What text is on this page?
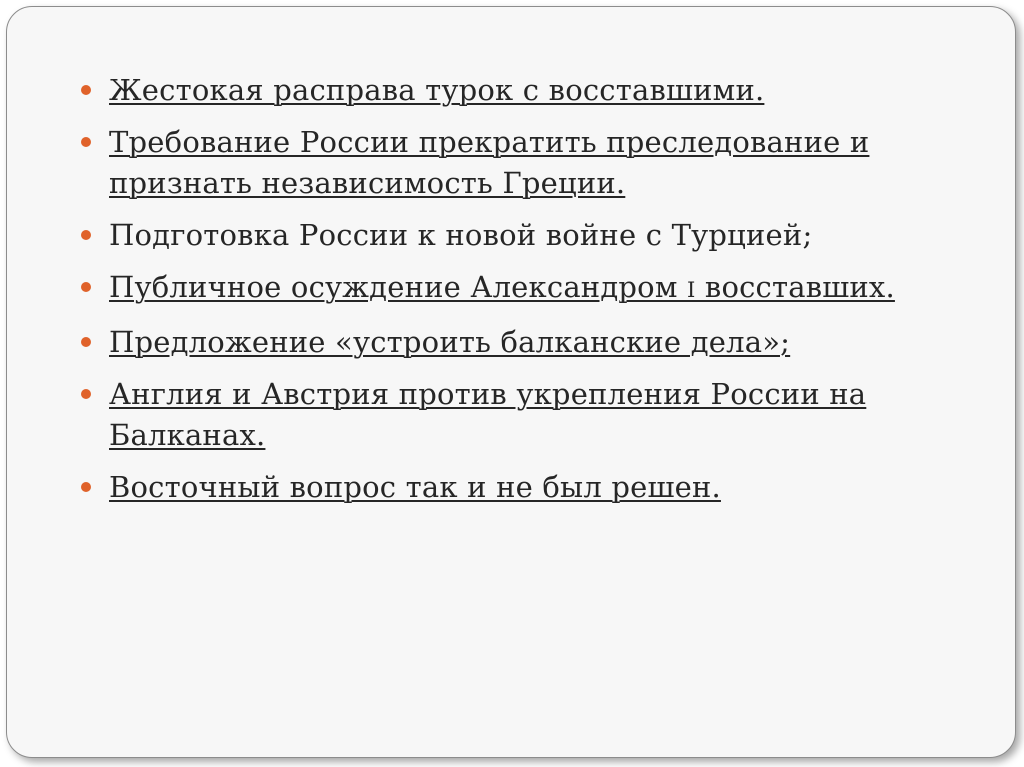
Жестокая расправа турок с восставшими.
Требование России прекратить преследование и признать независимость Греции.
Подготовка России к новой войне с Турцией;
Публичное осуждение Александром I восставших.
Предложение «устроить балканские дела»;
Англия и Австрия против укрепления России на Балканах.
Восточный вопрос так и не был решен.
